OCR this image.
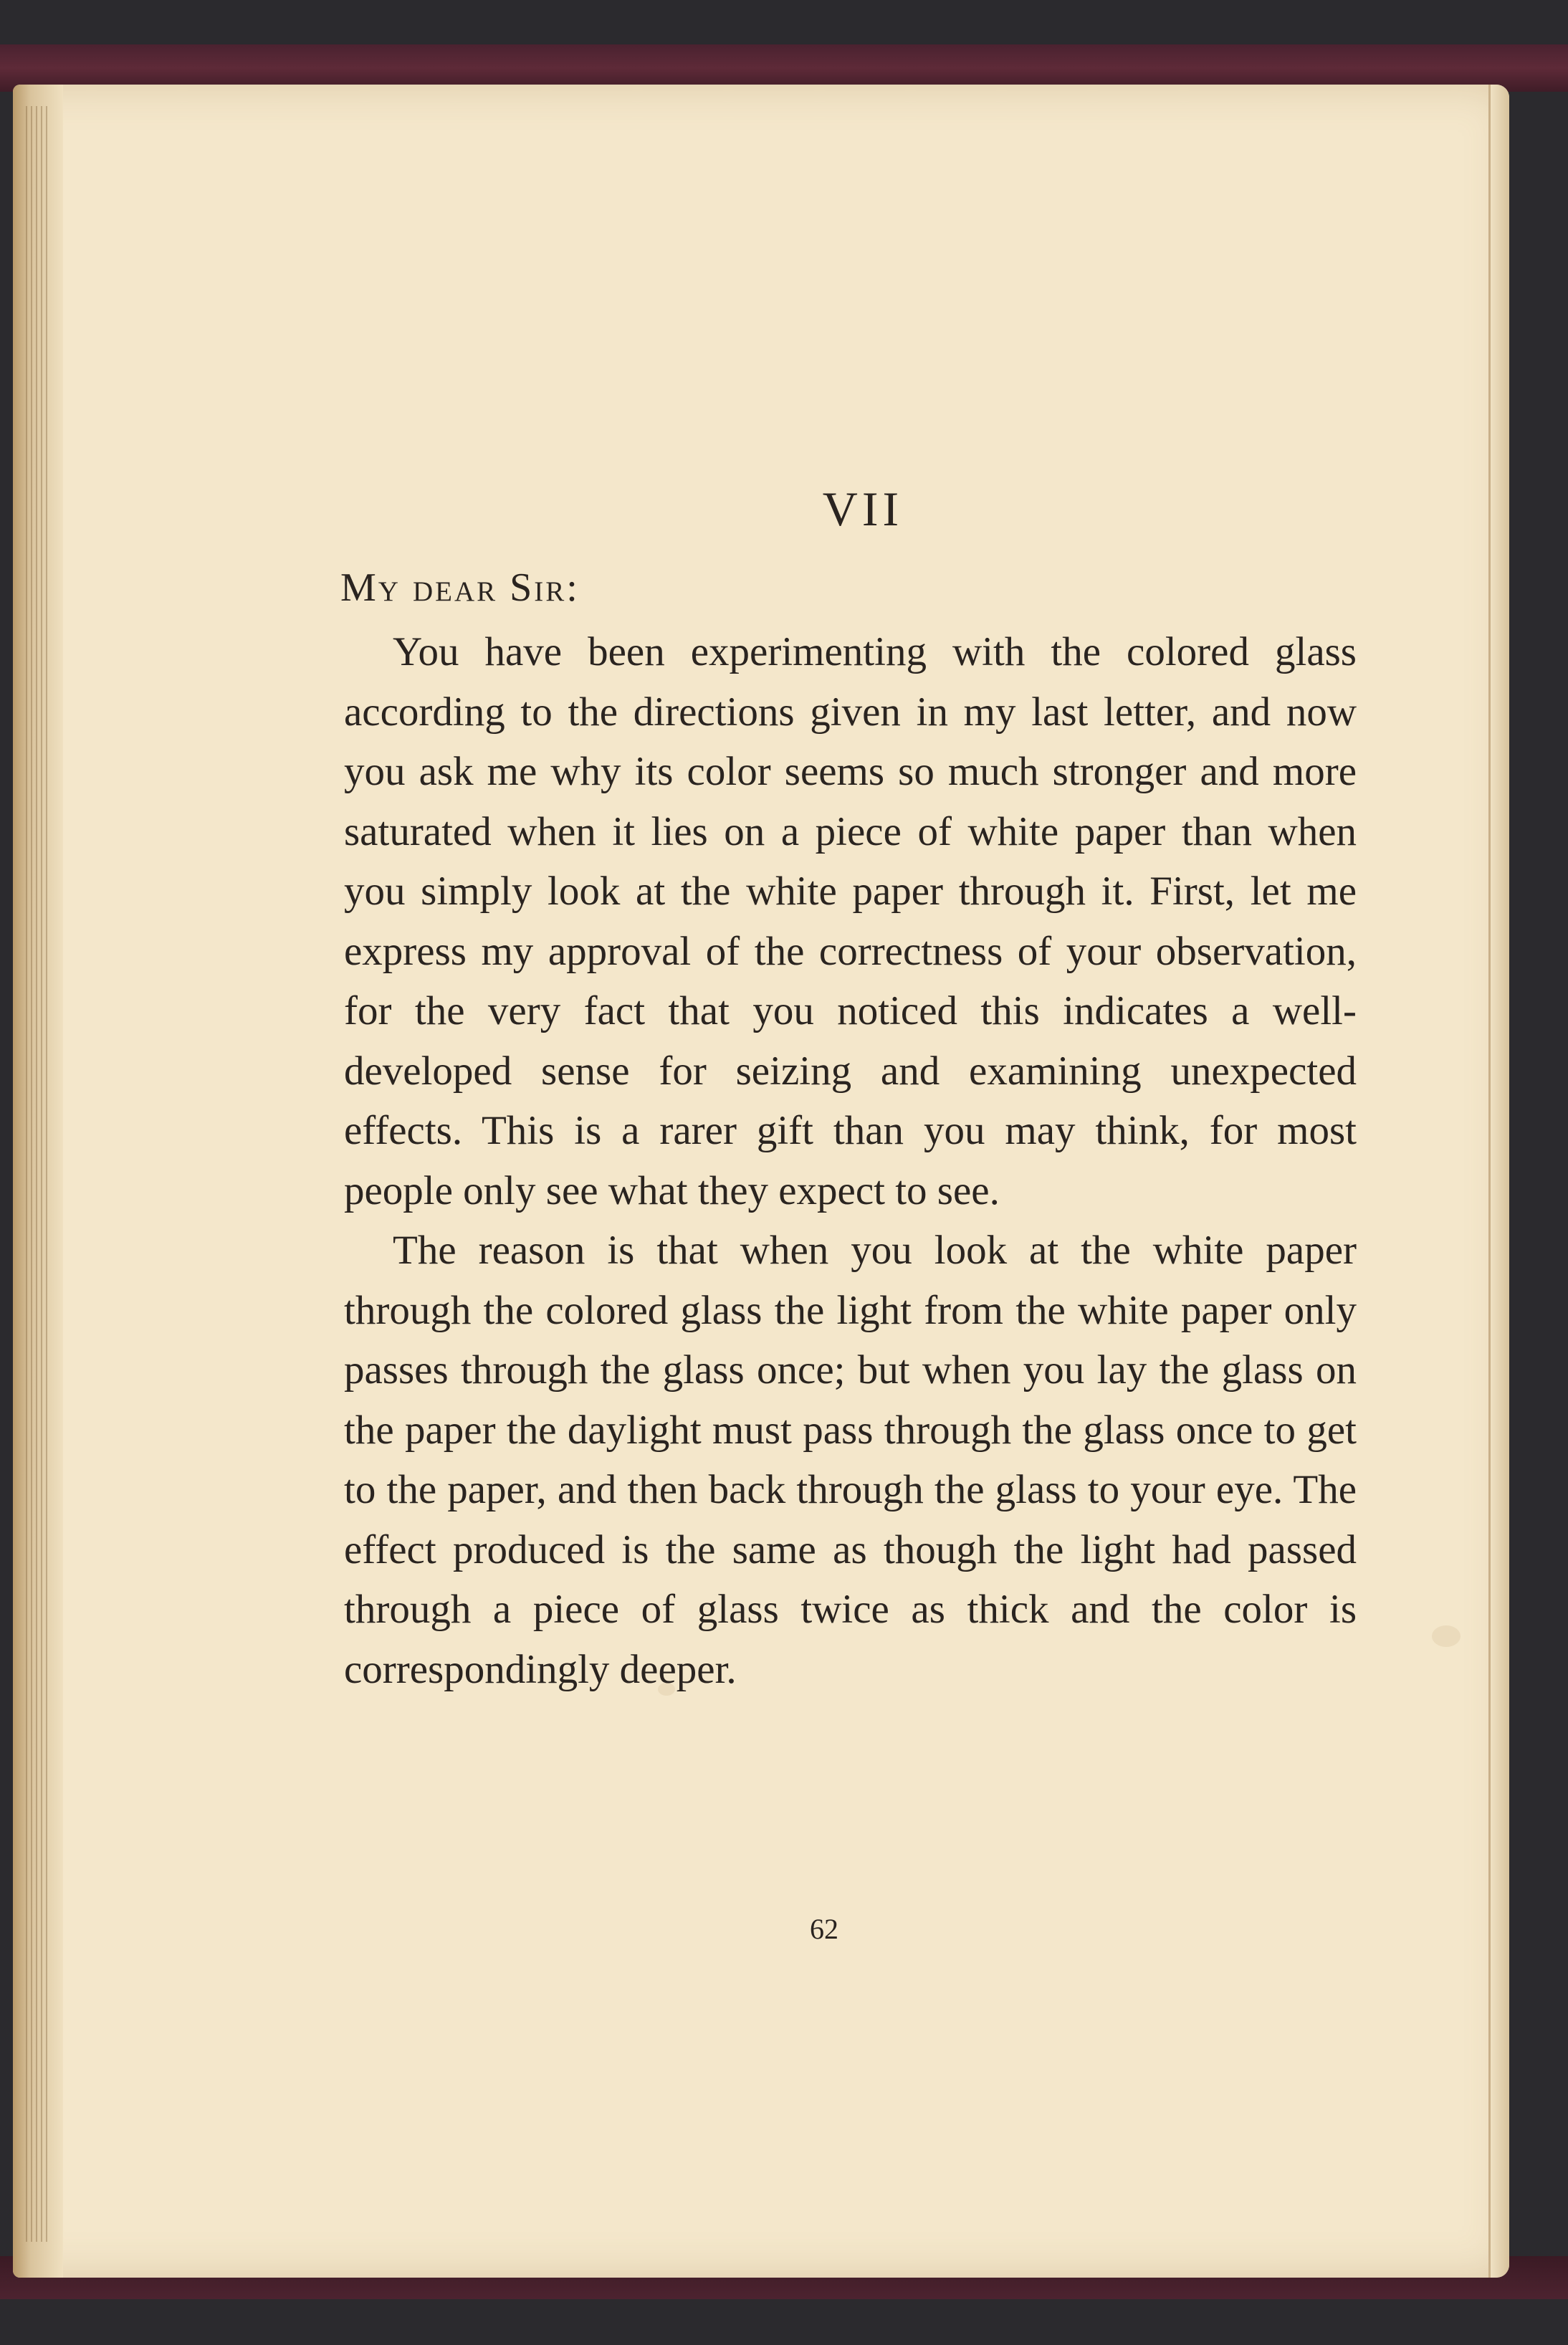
VII
My dear Sir:

You have been experimenting with the colored glass according to the directions given in my last letter, and now you ask me why its color seems so much stronger and more saturated when it lies on a piece of white paper than when you simply look at the white paper through it. First, let me express my approval of the correctness of your observation, for the very fact that you noticed this indicates a well-developed sense for seizing and examining unexpected effects. This is a rarer gift than you may think, for most people only see what they expect to see.

The reason is that when you look at the white paper through the colored glass the light from the white paper only passes through the glass once; but when you lay the glass on the paper the daylight must pass through the glass once to get to the paper, and then back through the glass to your eye. The effect produced is the same as though the light had passed through a piece of glass twice as thick and the color is correspondingly deeper.

62
